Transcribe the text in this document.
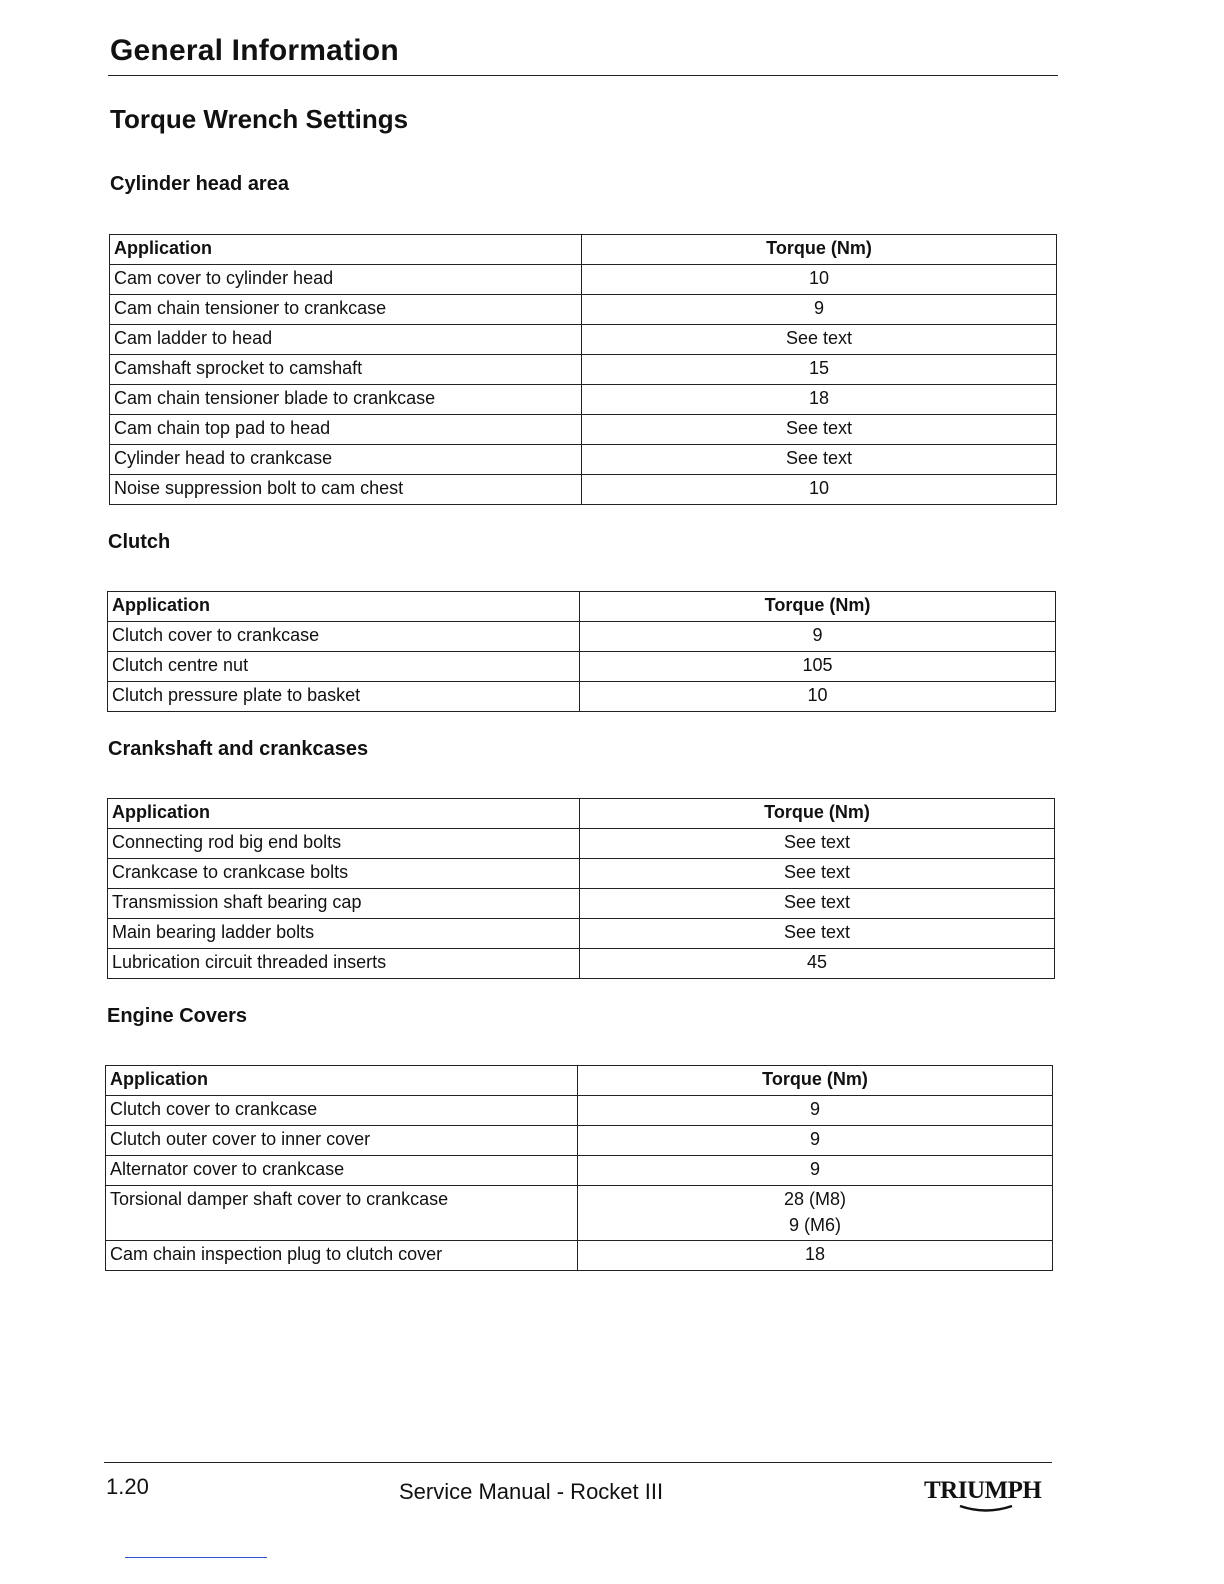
General Information
Torque Wrench Settings
Cylinder head area
Application	Torque (Nm)
Cam cover to cylinder head	10
Cam chain tensioner to crankcase	9
Cam ladder to head	See text
Camshaft sprocket to camshaft	15
Cam chain tensioner blade to crankcase	18
Cam chain top pad to head	See text
Cylinder head to crankcase	See text
Noise suppression bolt to cam chest	10
Clutch
Application	Torque (Nm)
Clutch cover to crankcase	9
Clutch centre nut	105
Clutch pressure plate to basket	10
Crankshaft and crankcases
Application	Torque (Nm)
Connecting rod big end bolts	See text
Crankcase to crankcase bolts	See text
Transmission shaft bearing cap	See text
Main bearing ladder bolts	See text
Lubrication circuit threaded inserts	45
Engine Covers
Application	Torque (Nm)
Clutch cover to crankcase	9
Clutch outer cover to inner cover	9
Alternator cover to crankcase	9
Torsional damper shaft cover to crankcase	28 (M8)
9 (M6)

Cam chain inspection plug to clutch cover	18
1.20	Service Manual - Rocket III	TRIUMPH
